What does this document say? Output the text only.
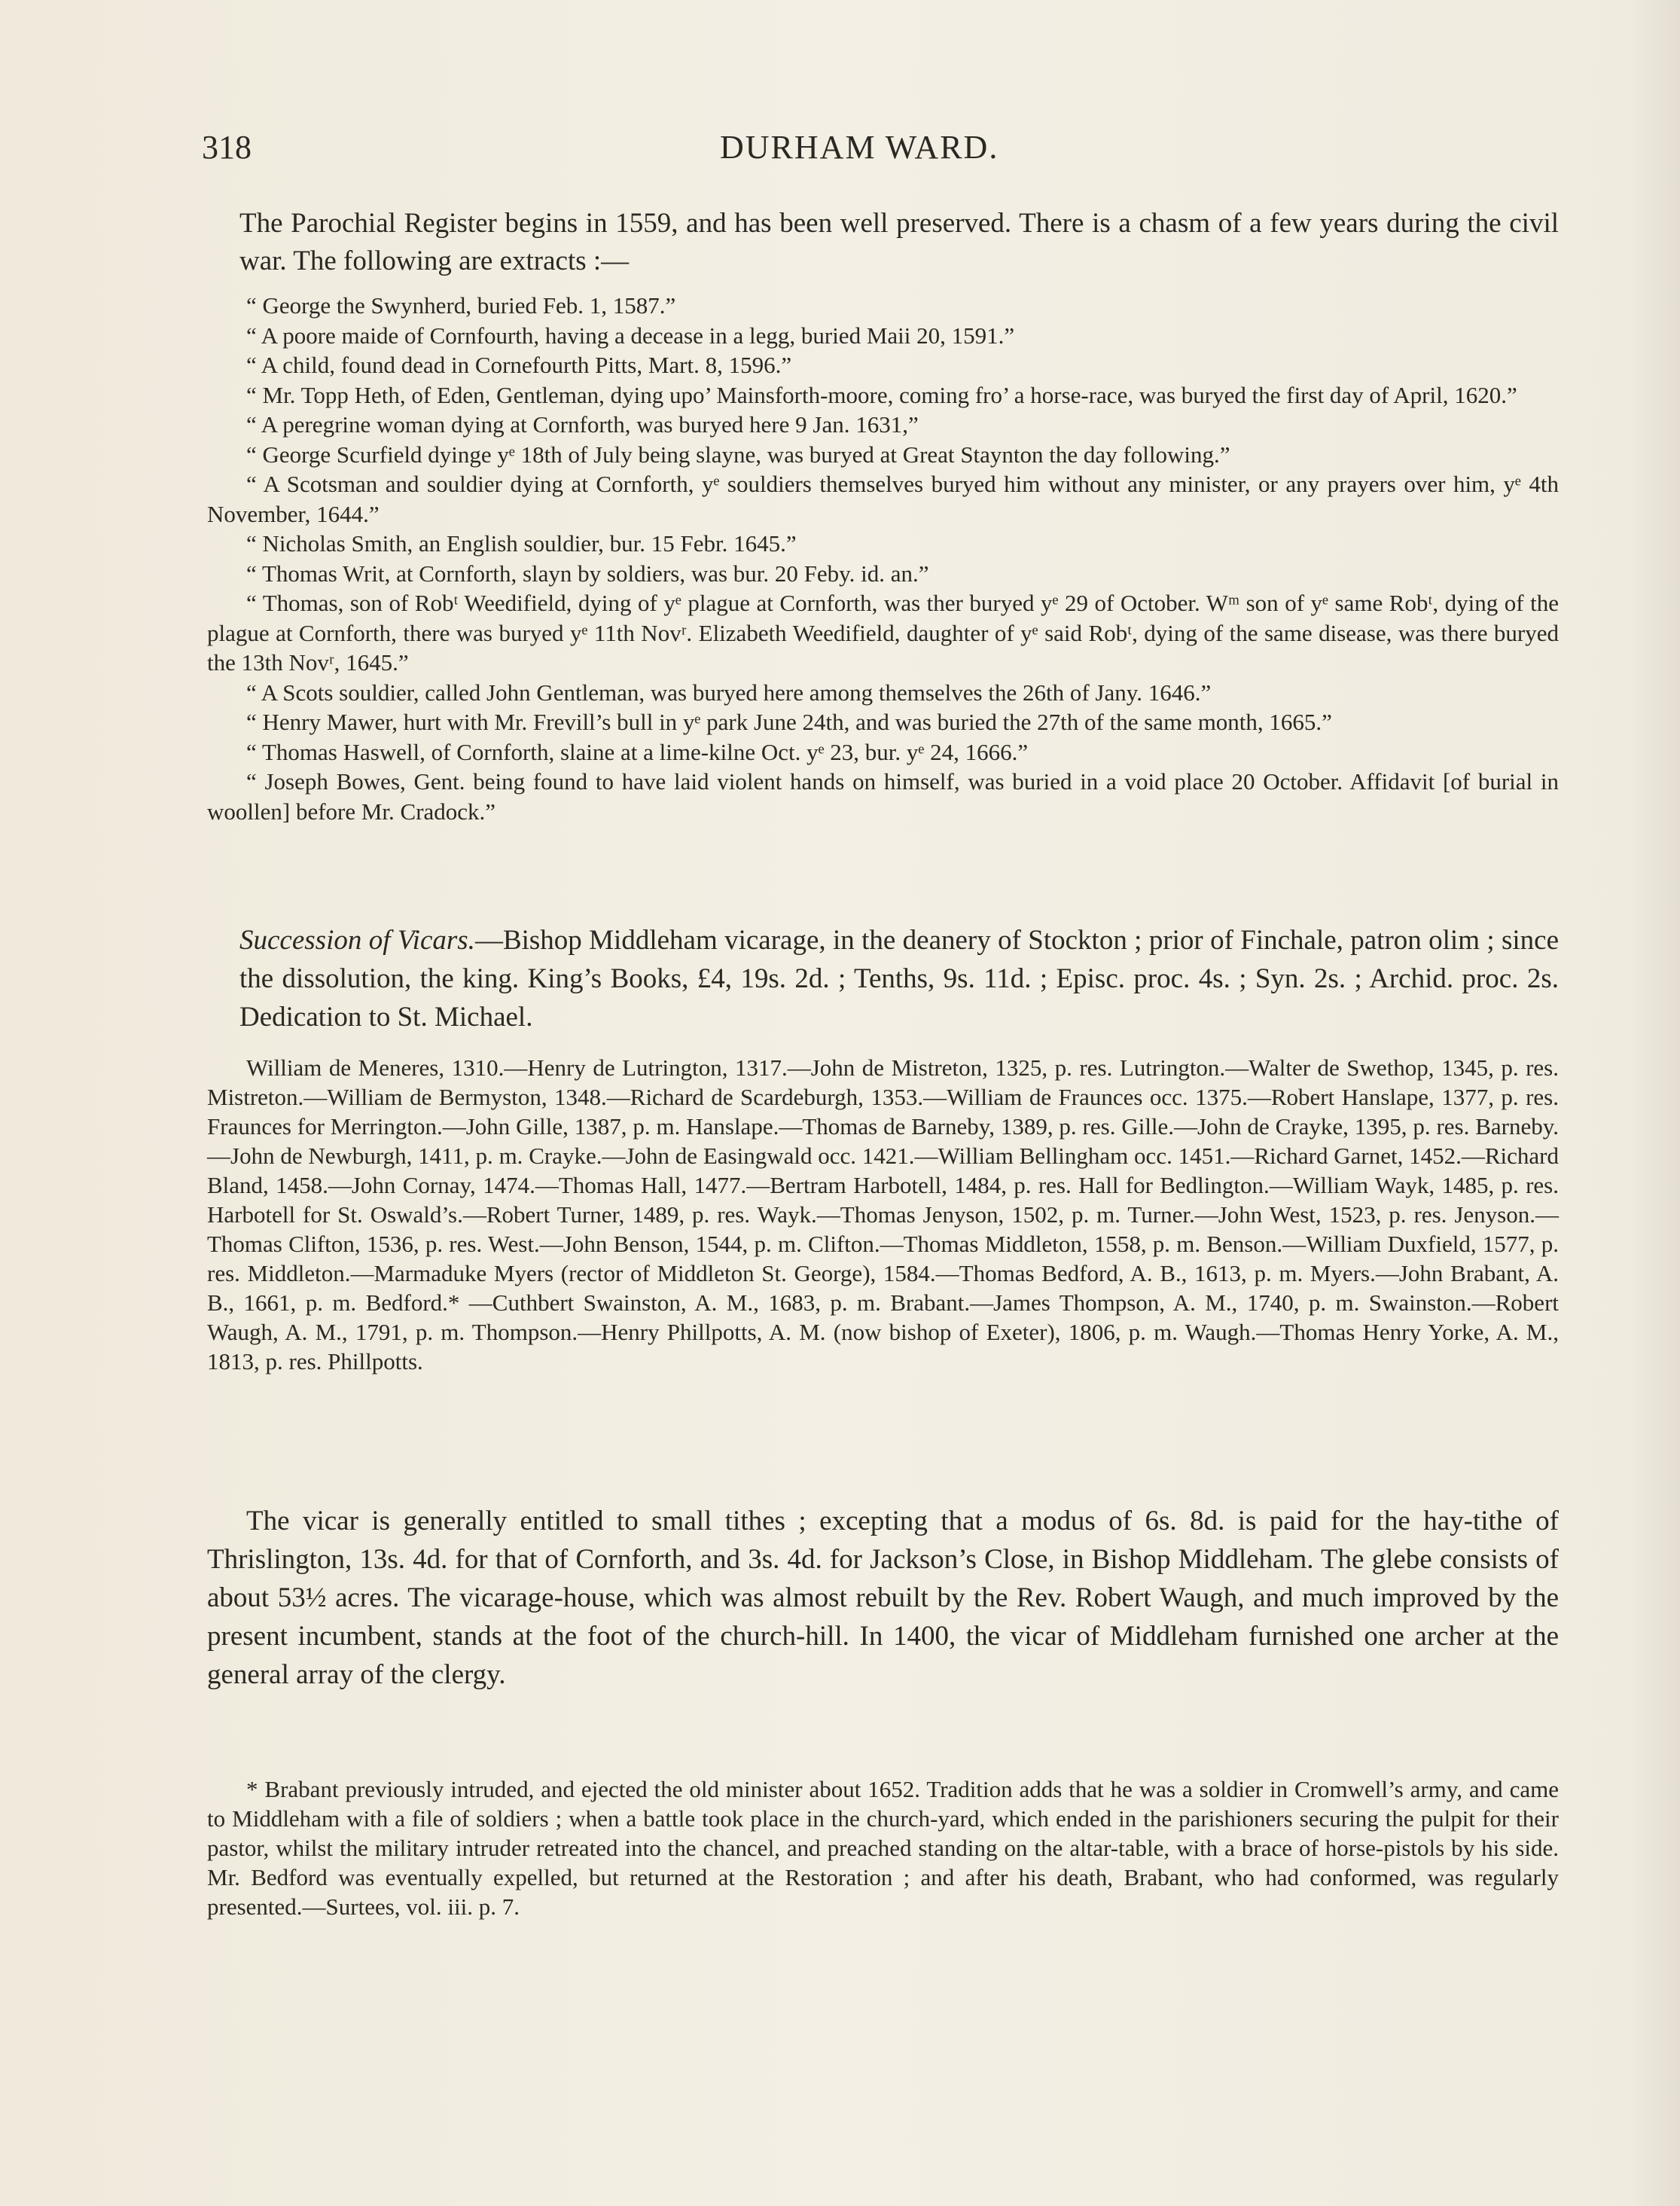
318	DURHAM WARD.

The Parochial Register begins in 1559, and has been well preserved. There is a chasm of a few years during the civil war. The following are extracts :—

“ George the Swynherd, buried Feb. 1, 1587.”

“ A poore maide of Cornfourth, having a decease in a legg, buried Maii 20, 1591.”

“ A child, found dead in Cornefourth Pitts, Mart. 8, 1596.”

“ Mr. Topp Heth, of Eden, Gentleman, dying upo’ Mainsforth-moore, coming fro’ a horse-race, was buryed the first day of April, 1620.”

“ A peregrine woman dying at Cornforth, was buryed here 9 Jan. 1631,”

“ George Scurfield dyinge yᵉ 18th of July being slayne, was buryed at Great Staynton the day following.”

“ A Scotsman and souldier dying at Cornforth, yᵉ souldiers themselves buryed him without any minister, or any prayers over him, yᵉ 4th November, 1644.”

“ Nicholas Smith, an English souldier, bur. 15 Febr. 1645.”

“ Thomas Writ, at Cornforth, slayn by soldiers, was bur. 20 Feby. id. an.”

“ Thomas, son of Robᵗ Weedifield, dying of yᵉ plague at Cornforth, was ther buryed yᵉ 29 of October. Wᵐ son of yᵉ same Robᵗ, dying of the plague at Cornforth, there was buryed yᵉ 11th Novʳ. Elizabeth Weedifield, daughter of yᵉ said Robᵗ, dying of the same disease, was there buryed the 13th Novʳ, 1645.”

“ A Scots souldier, called John Gentleman, was buryed here among themselves the 26th of Jany. 1646.”

“ Henry Mawer, hurt with Mr. Frevill’s bull in yᵉ park June 24th, and was buried the 27th of the same month, 1665.”

“ Thomas Haswell, of Cornforth, slaine at a lime-kilne Oct. yᵉ 23, bur. yᵉ 24, 1666.”

“ Joseph Bowes, Gent. being found to have laid violent hands on himself, was buried in a void place 20 October. Affidavit [of burial in woollen] before Mr. Cradock.”

Succession of Vicars.—Bishop Middleham vicarage, in the deanery of Stockton ; prior of Finchale, patron olim ; since the dissolution, the king. King’s Books, £4, 19s. 2d. ; Tenths, 9s. 11d. ; Episc. proc. 4s. ; Syn. 2s. ; Archid. proc. 2s. Dedication to St. Michael.

William de Meneres, 1310.—Henry de Lutrington, 1317.—John de Mistreton, 1325, p. res. Lutrington.—Walter de Swethop, 1345, p. res. Mistreton.—William de Bermyston, 1348.—Richard de Scardeburgh, 1353.—William de Fraunces occ. 1375.—Robert Hanslape, 1377, p. res. Fraunces for Merrington.—John Gille, 1387, p. m. Hanslape.—Thomas de Barneby, 1389, p. res. Gille.—John de Crayke, 1395, p. res. Barneby.—John de Newburgh, 1411, p. m. Crayke.—John de Easingwald occ. 1421.—William Bellingham occ. 1451.—Richard Garnet, 1452.—Richard Bland, 1458.—John Cornay, 1474.—Thomas Hall, 1477.—Bertram Harbotell, 1484, p. res. Hall for Bedlington.—William Wayk, 1485, p. res. Harbotell for St. Oswald’s.—Robert Turner, 1489, p. res. Wayk.—Thomas Jenyson, 1502, p. m. Turner.—John West, 1523, p. res. Jenyson.—Thomas Clifton, 1536, p. res. West.—John Benson, 1544, p. m. Clifton.—Thomas Middleton, 1558, p. m. Benson.—William Duxfield, 1577, p. res. Middleton.—Marmaduke Myers (rector of Middleton St. George), 1584.—Thomas Bedford, A. B., 1613, p. m. Myers.—John Brabant, A. B., 1661, p. m. Bedford.* —Cuthbert Swainston, A. M., 1683, p. m. Brabant.—James Thompson, A. M., 1740, p. m. Swainston.—Robert Waugh, A. M., 1791, p. m. Thompson.—Henry Phillpotts, A. M. (now bishop of Exeter), 1806, p. m. Waugh.—Thomas Henry Yorke, A. M., 1813, p. res. Phillpotts.

The vicar is generally entitled to small tithes ; excepting that a modus of 6s. 8d. is paid for the hay-tithe of Thrislington, 13s. 4d. for that of Cornforth, and 3s. 4d. for Jackson’s Close, in Bishop Middleham. The glebe consists of about 53½ acres. The vicarage-house, which was almost rebuilt by the Rev. Robert Waugh, and much improved by the present incumbent, stands at the foot of the church-hill. In 1400, the vicar of Middleham furnished one archer at the general array of the clergy.

* Brabant previously intruded, and ejected the old minister about 1652. Tradition adds that he was a soldier in Cromwell’s army, and came to Middleham with a file of soldiers ; when a battle took place in the church-yard, which ended in the parishioners securing the pulpit for their pastor, whilst the military intruder retreated into the chancel, and preached standing on the altar-table, with a brace of horse-pistols by his side. Mr. Bedford was eventually expelled, but returned at the Restoration ; and after his death, Brabant, who had conformed, was regularly presented.—Surtees, vol. iii. p. 7.
